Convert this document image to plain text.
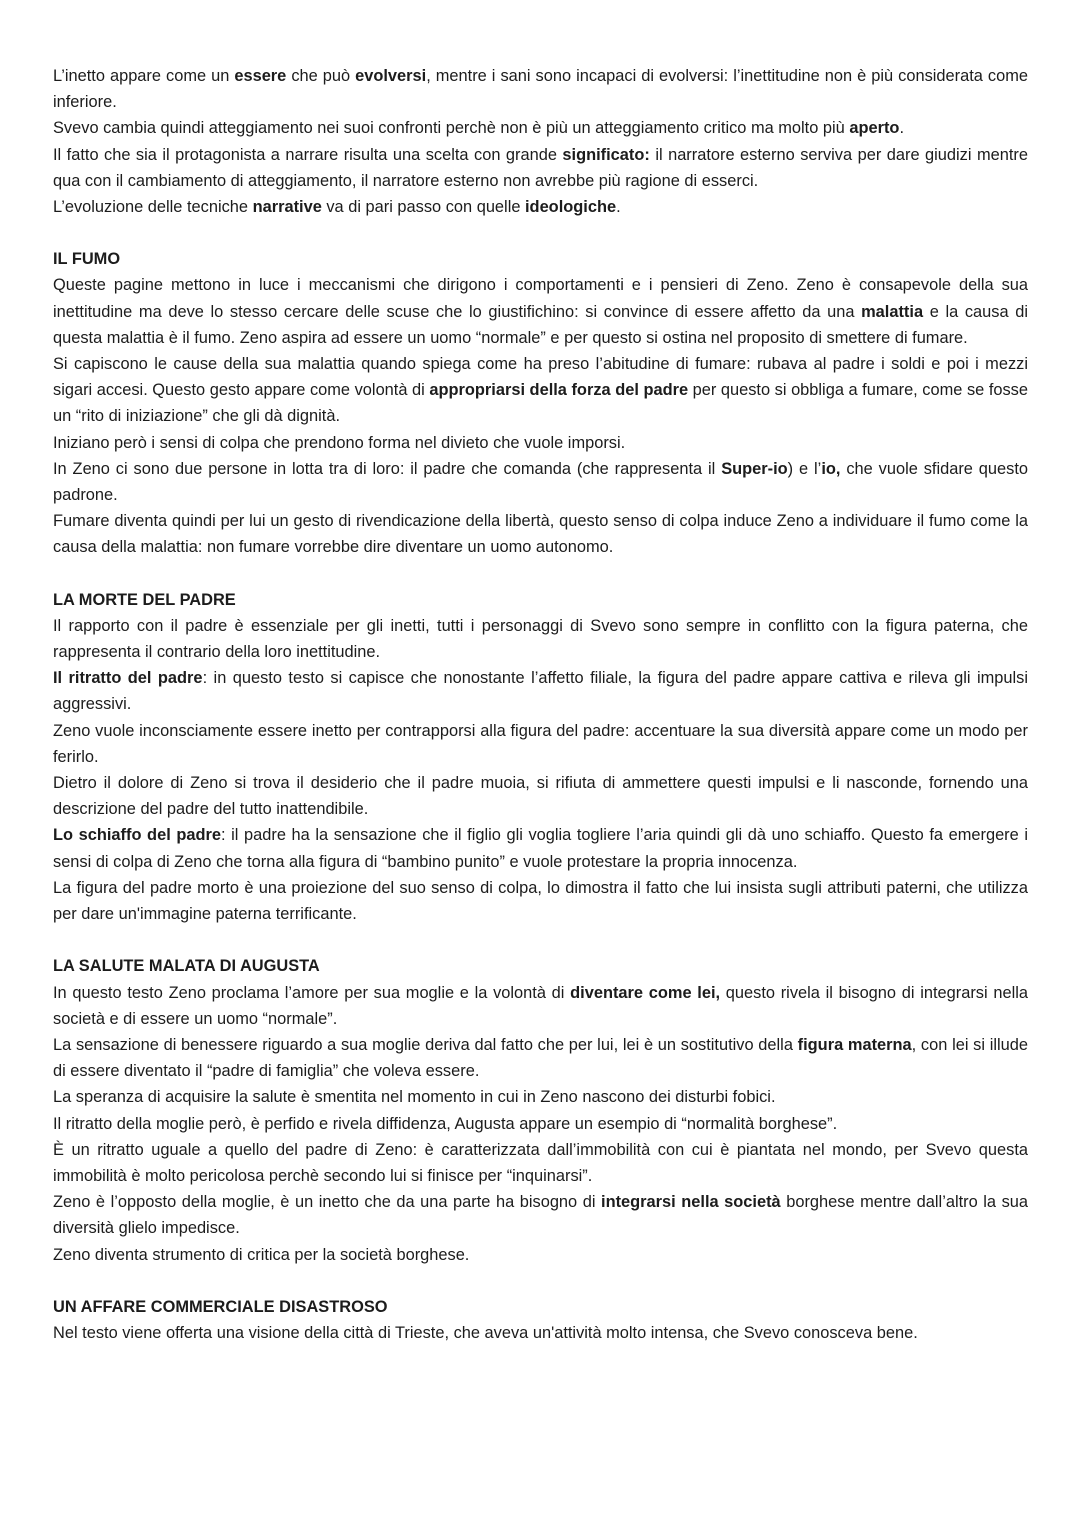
L’inetto appare come un essere che può evolversi, mentre i sani sono incapaci di evolversi: l’inettitudine non è più considerata come inferiore.

Svevo cambia quindi atteggiamento nei suoi confronti perchè non è più un atteggiamento critico ma molto più aperto.

Il fatto che sia il protagonista a narrare risulta una scelta con grande significato: il narratore esterno serviva per dare giudizi mentre qua con il cambiamento di atteggiamento, il narratore esterno non avrebbe più ragione di esserci.

L’evoluzione delle tecniche narrative va di pari passo con quelle ideologiche.

IL FUMO

Queste pagine mettono in luce i meccanismi che dirigono i comportamenti e i pensieri di Zeno. Zeno è consapevole della sua inettitudine ma deve lo stesso cercare delle scuse che lo giustifichino: si convince di essere affetto da una malattia e la causa di questa malattia è il fumo. Zeno aspira ad essere un uomo “normale” e per questo si ostina nel proposito di smettere di fumare.

Si capiscono le cause della sua malattia quando spiega come ha preso l’abitudine di fumare: rubava al padre i soldi e poi i mezzi sigari accesi. Questo gesto appare come volontà di appropriarsi della forza del padre per questo si obbliga a fumare, come se fosse un “rito di iniziazione” che gli dà dignità.

Iniziano però i sensi di colpa che prendono forma nel divieto che vuole imporsi.

In Zeno ci sono due persone in lotta tra di loro: il padre che comanda (che rappresenta il Super-io) e l’io, che vuole sfidare questo padrone.

Fumare diventa quindi per lui un gesto di rivendicazione della libertà, questo senso di colpa induce Zeno a individuare il fumo come la causa della malattia: non fumare vorrebbe dire diventare un uomo autonomo.

LA MORTE DEL PADRE

Il rapporto con il padre è essenziale per gli inetti, tutti i personaggi di Svevo sono sempre in conflitto con la figura paterna, che rappresenta il contrario della loro inettitudine.

Il ritratto del padre: in questo testo si capisce che nonostante l’affetto filiale, la figura del padre appare cattiva e rileva gli impulsi aggressivi.

Zeno vuole inconsciamente essere inetto per contrapporsi alla figura del padre: accentuare la sua diversità appare come un modo per ferirlo.

Dietro il dolore di Zeno si trova il desiderio che il padre muoia, si rifiuta di ammettere questi impulsi e li nasconde, fornendo una descrizione del padre del tutto inattendibile.

Lo schiaffo del padre: il padre ha la sensazione che il figlio gli voglia togliere l’aria quindi gli dà uno schiaffo. Questo fa emergere i sensi di colpa di Zeno che torna alla figura di “bambino punito” e vuole protestare la propria innocenza.

La figura del padre morto è una proiezione del suo senso di colpa, lo dimostra il fatto che lui insista sugli attributi paterni, che utilizza per dare un'immagine paterna terrificante.

LA SALUTE MALATA DI AUGUSTA

In questo testo Zeno proclama l’amore per sua moglie e la volontà di diventare come lei, questo rivela il bisogno di integrarsi nella società e di essere un uomo “normale”.

La sensazione di benessere riguardo a sua moglie deriva dal fatto che per lui, lei è un sostitutivo della figura materna, con lei si illude di essere diventato il “padre di famiglia” che voleva essere.

La speranza di acquisire la salute è smentita nel momento in cui in Zeno nascono dei disturbi fobici.

Il ritratto della moglie però, è perfido e rivela diffidenza, Augusta appare un esempio di “normalità borghese”.

È un ritratto uguale a quello del padre di Zeno: è caratterizzata dall’immobilità con cui è piantata nel mondo, per Svevo questa immobilità è molto pericolosa perchè secondo lui si finisce per “inquinarsi”.

Zeno è l’opposto della moglie, è un inetto che da una parte ha bisogno di integrarsi nella società borghese mentre dall’altro la sua diversità glielo impedisce.

Zeno diventa strumento di critica per la società borghese.

UN AFFARE COMMERCIALE DISASTROSO

Nel testo viene offerta una visione della città di Trieste, che aveva un'attività molto intensa, che Svevo conosceva bene.
